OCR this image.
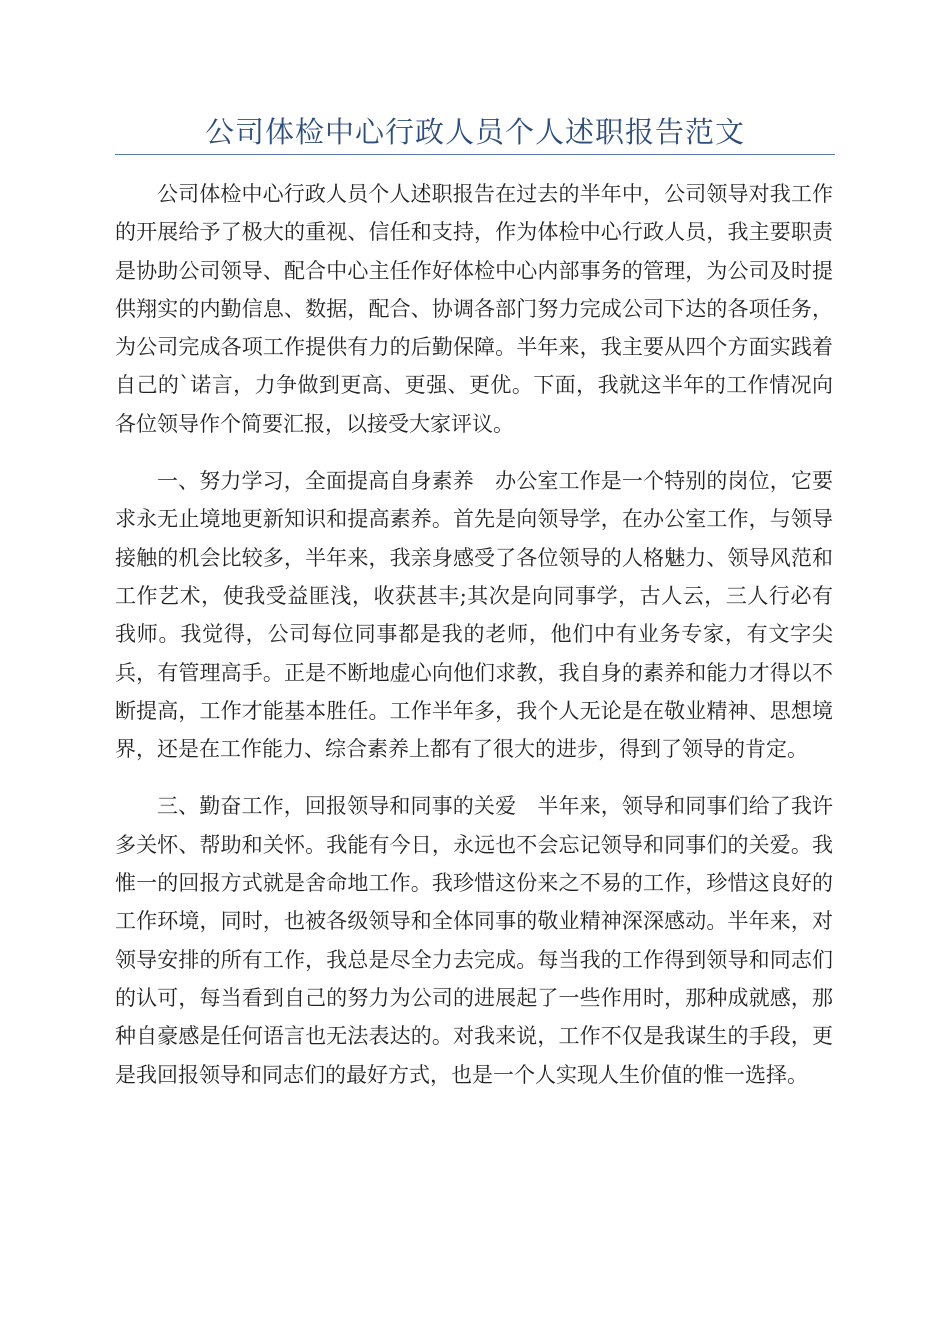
公司体检中心行政人员个人述职报告范文

公司体检中心行政人员个人述职报告在过去的半年中，公司领导对我工作的开展给予了极大的重视、信任和支持，作为体检中心行政人员，我主要职责是协助公司领导、配合中心主任作好体检中心内部事务的管理，为公司及时提供翔实的内勤信息、数据，配合、协调各部门努力完成公司下达的各项任务，为公司完成各项工作提供有力的后勤保障。半年来，我主要从四个方面实践着自己的`诺言，力争做到更高、更强、更优。下面，我就这半年的工作情况向各位领导作个简要汇报，以接受大家评议。

一、努力学习，全面提高自身素养　办公室工作是一个特别的岗位，它要求永无止境地更新知识和提高素养。首先是向领导学，在办公室工作，与领导接触的机会比较多，半年来，我亲身感受了各位领导的人格魅力、领导风范和工作艺术，使我受益匪浅，收获甚丰;其次是向同事学，古人云，三人行必有我师。我觉得，公司每位同事都是我的老师，他们中有业务专家，有文字尖兵，有管理高手。正是不断地虚心向他们求教，我自身的素养和能力才得以不断提高，工作才能基本胜任。工作半年多，我个人无论是在敬业精神、思想境界，还是在工作能力、综合素养上都有了很大的进步，得到了领导的肯定。

三、勤奋工作，回报领导和同事的关爱　半年来，领导和同事们给了我许多关怀、帮助和关怀。我能有今日，永远也不会忘记领导和同事们的关爱。我惟一的回报方式就是舍命地工作。我珍惜这份来之不易的工作，珍惜这良好的工作环境，同时，也被各级领导和全体同事的敬业精神深深感动。半年来，对领导安排的所有工作，我总是尽全力去完成。每当我的工作得到领导和同志们的认可，每当看到自己的努力为公司的进展起了一些作用时，那种成就感，那种自豪感是任何语言也无法表达的。对我来说，工作不仅是我谋生的手段，更是我回报领导和同志们的最好方式，也是一个人实现人生价值的惟一选择。
